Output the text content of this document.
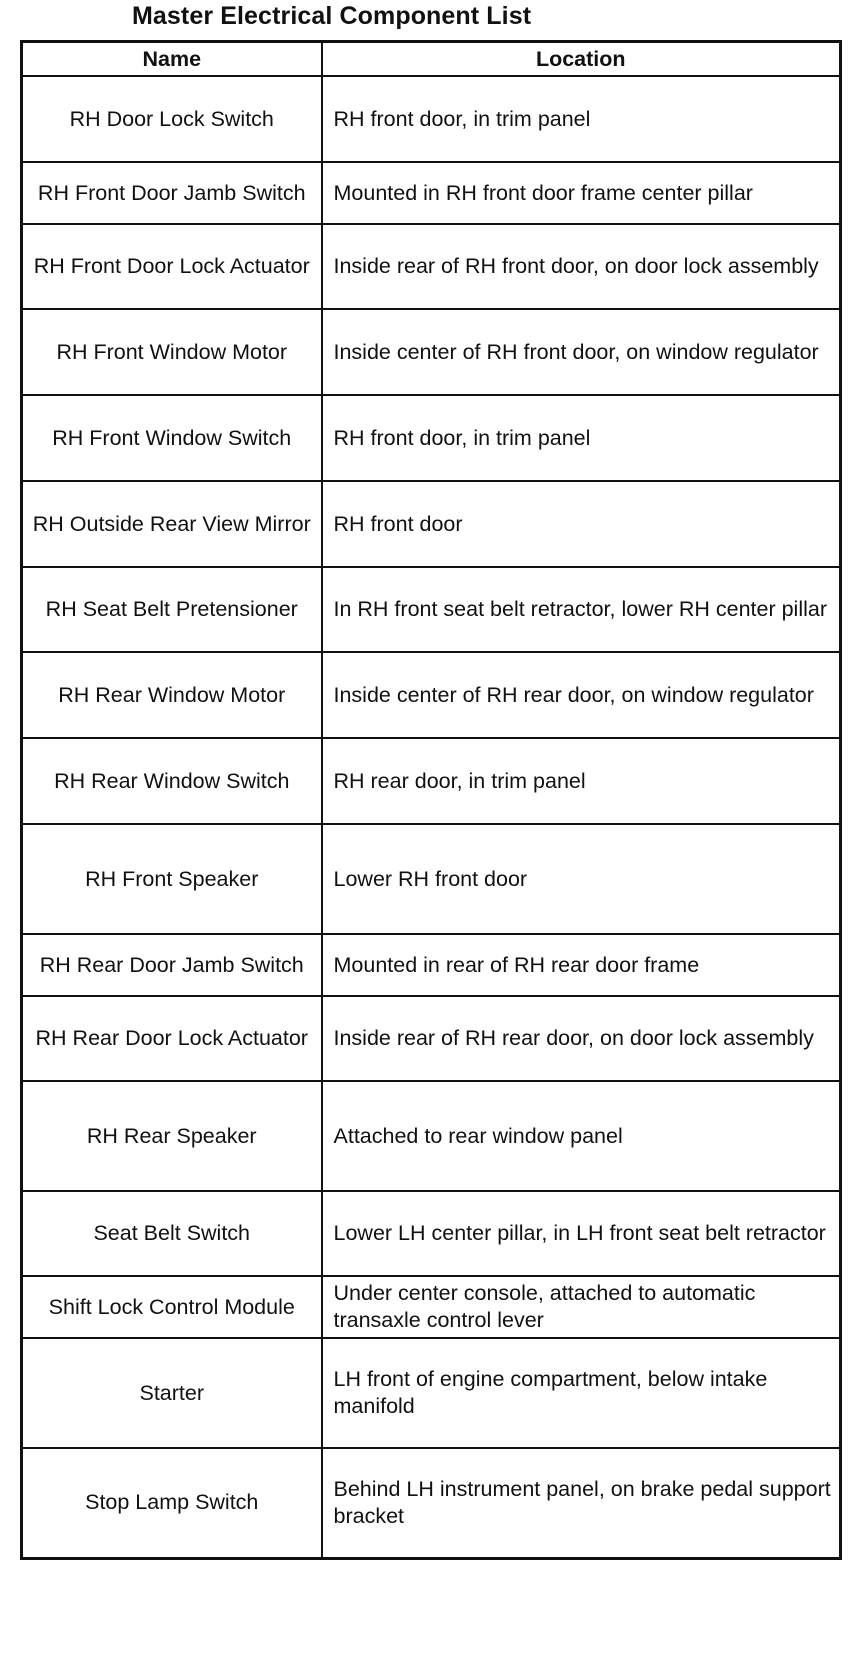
Master Electrical Component List
Name	Location
RH Door Lock Switch	RH front door, in trim panel
RH Front Door Jamb Switch	Mounted in RH front door frame center pillar
RH Front Door Lock Actuator	Inside rear of RH front door, on door lock assembly
RH Front Window Motor	Inside center of RH front door, on window regulator
RH Front Window Switch	RH front door, in trim panel
RH Outside Rear View Mirror	RH front door
RH Seat Belt Pretensioner	In RH front seat belt retractor, lower RH center pillar
RH Rear Window Motor	Inside center of RH rear door, on window regulator
RH Rear Window Switch	RH rear door, in trim panel
RH Front Speaker	Lower RH front door
RH Rear Door Jamb Switch	Mounted in rear of RH rear door frame
RH Rear Door Lock Actuator	Inside rear of RH rear door, on door lock assembly
RH Rear Speaker	Attached to rear window panel
Seat Belt Switch	Lower LH center pillar, in LH front seat belt retractor
Shift Lock Control Module	Under center console, attached to automatic transaxle control lever
Starter	LH front of engine compartment, below intake manifold
Stop Lamp Switch	Behind LH instrument panel, on brake pedal support bracket
